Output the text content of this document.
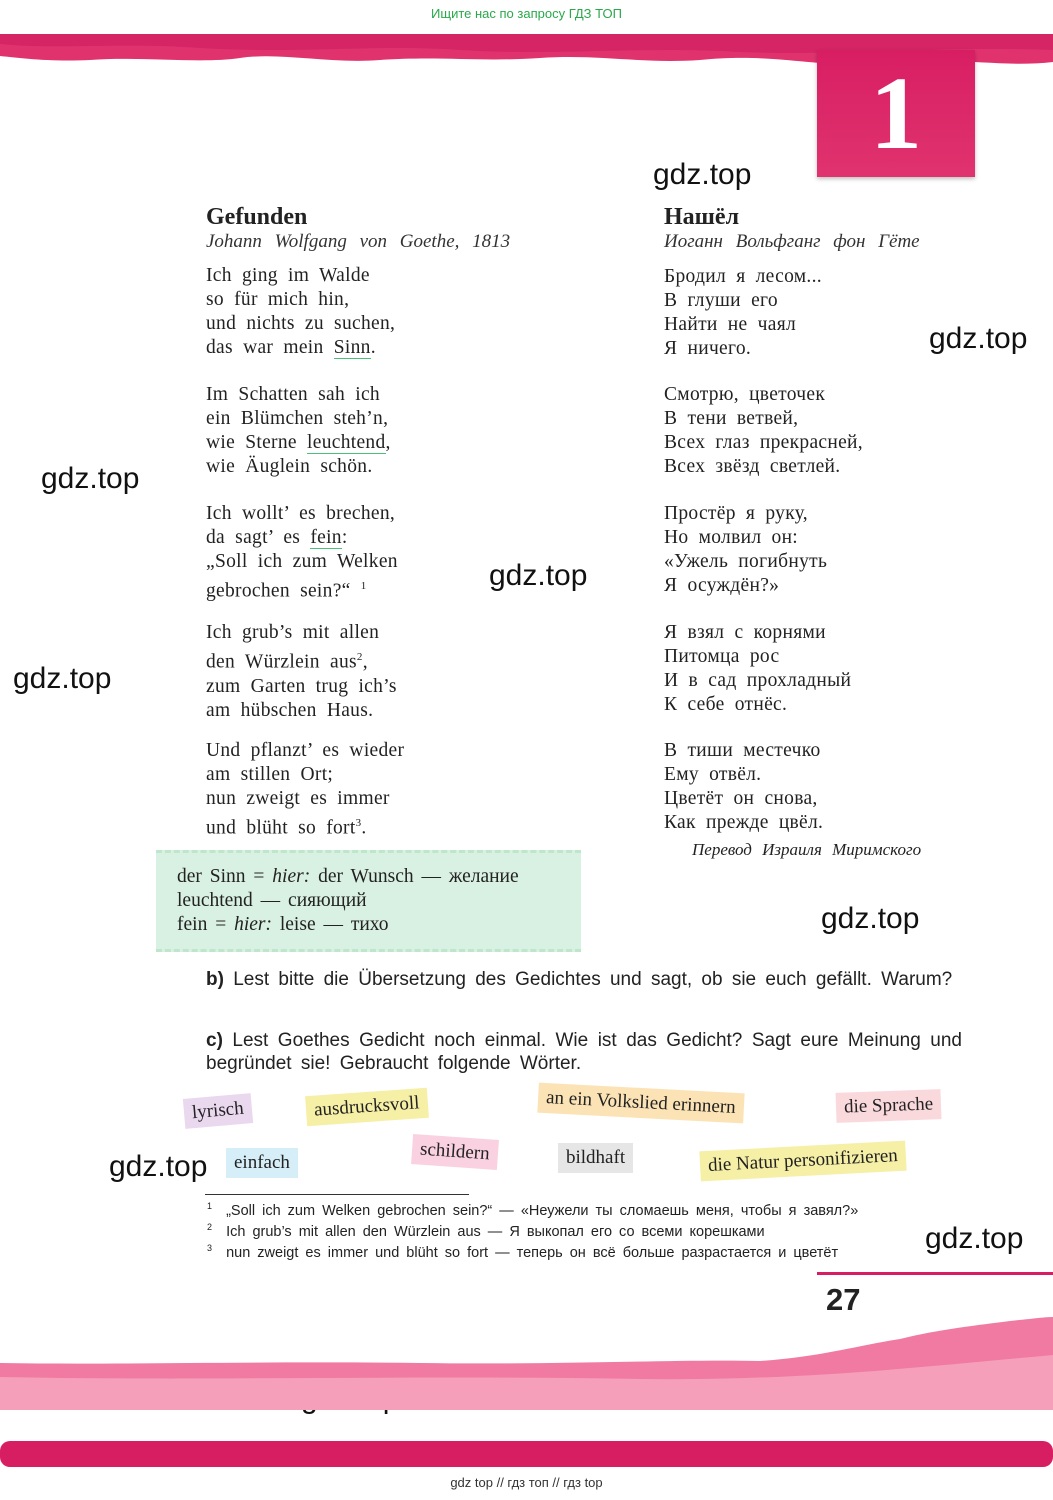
Ищите нас по запросу ГДЗ ТОП
1
gdz.top
gdz.top
gdz.top
gdz.top
gdz.top
gdz.top
gdz.top
gdz.top
Gefunden
Johann Wolfgang von Goethe, 1813
Ich ging im Walde
so für mich hin,
und nichts zu suchen,
das war mein Sinn.
Im Schatten sah ich
ein Blümchen steh’n,
wie Sterne leuchtend,
wie Äuglein schön.
Ich wollt’ es brechen,
da sagt’ es fein:
„Soll ich zum Welken
gebrochen sein?“ $^1$
Ich grub’s mit allen
den Würzlein aus$^2$,
zum Garten trug ich’s
am hübschen Haus.
Und pflanzt’ es wieder
am stillen Ort;
nun zweigt es immer
und blüht so fort$^3$.
Нашёл
Иоганн Вольфганг фон Гёте
Бродил я лесом...
В глуши его
Найти не чаял
Я ничего.
Смотрю, цветочек
В тени ветвей,
Всех глаз прекрасней,
Всех звёзд светлей.
Простёр я руку,
Но молвил он:
«Ужель погибнуть
Я осуждён?»
Я взял с корнями
Питомца рос
И в сад прохладный
К себе отнёс.
В тиши местечко
Ему отвёл.
Цветёт он снова,
Как прежде цвёл.
Перевод Израиля Миримского
der Sinn = hier: der Wunsch — желание
leuchtend — сияющий
fein = hier: leise — тихо
b) Lest bitte die Übersetzung des Gedichtes und sagt, ob sie euch gefällt. Warum?
c) Lest Goethes Gedicht noch einmal. Wie ist das Gedicht? Sagt eure Meinung und begründet sie! Gebraucht folgende Wörter.
lyrisch	ausdrucksvoll	an ein Volkslied erinnern	die Sprache
schildern	bildhaft
einfach	die Natur personifizieren
$^1$ „Soll ich zum Welken gebrochen sein?“ — «Неужели ты сломаешь меня, чтобы я завял?»
$^2$ Ich grub’s mit allen den Würzlein aus — Я выкопал его со всеми корешками
$^3$ nun zweigt es immer und blüht so fort — теперь он всё больше разрастается и цветёт
27
gdz top // гдз топ // гдз top
